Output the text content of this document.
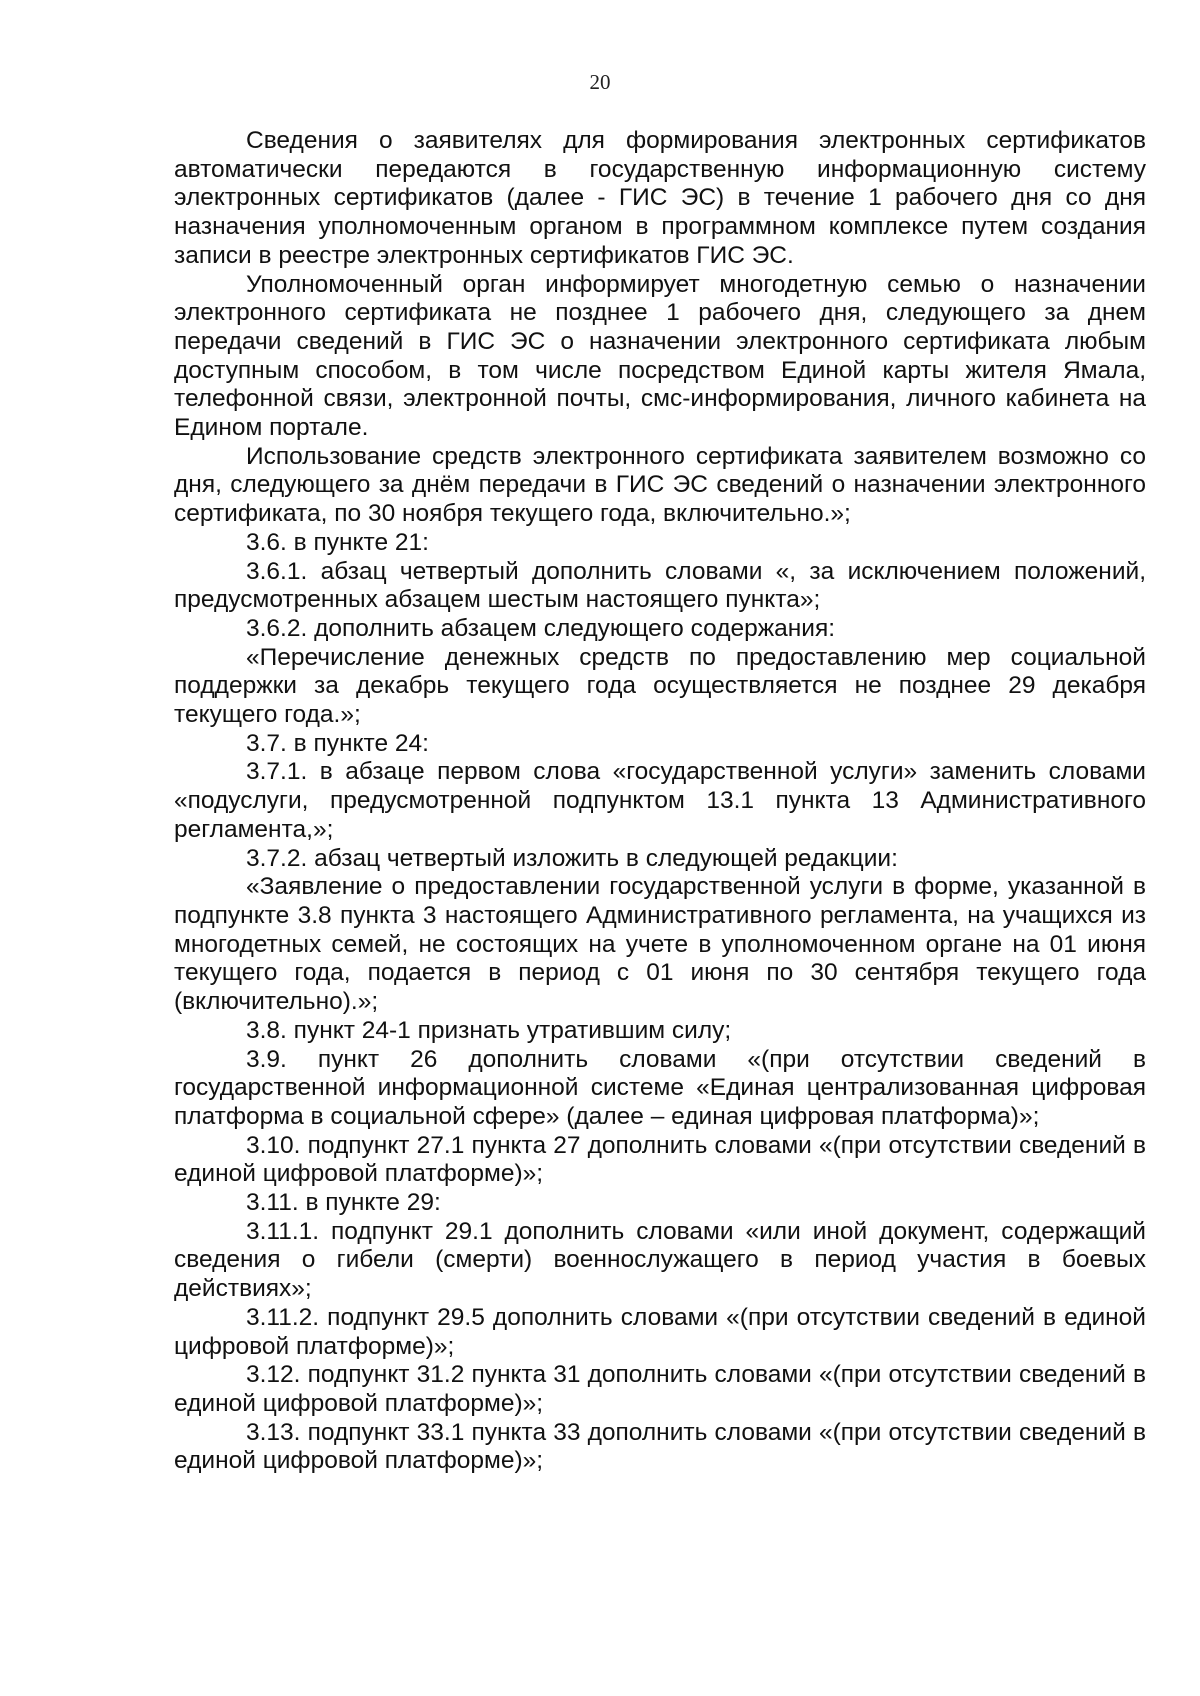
20

Сведения о заявителях для формирования электронных сертификатов автоматически передаются в государственную информационную систему электронных сертификатов (далее - ГИС ЭС) в течение 1 рабочего дня со дня назначения уполномоченным органом в программном комплексе путем создания записи в реестре электронных сертификатов ГИС ЭС.

Уполномоченный орган информирует многодетную семью о назначении электронного сертификата не позднее 1 рабочего дня, следующего за днем передачи сведений в ГИС ЭС о назначении электронного сертификата любым доступным способом, в том числе посредством Единой карты жителя Ямала, телефонной связи, электронной почты, смс-информирования, личного кабинета на Едином портале.

Использование средств электронного сертификата заявителем возможно со дня, следующего за днём передачи в ГИС ЭС сведений о назначении электронного сертификата, по 30 ноября текущего года, включительно.»;

3.6. в пункте 21:

3.6.1. абзац четвертый дополнить словами «, за исключением положений, предусмотренных абзацем шестым настоящего пункта»;

3.6.2. дополнить абзацем следующего содержания:

«Перечисление денежных средств по предоставлению мер социальной поддержки за декабрь текущего года осуществляется не позднее 29 декабря текущего года.»;

3.7. в пункте 24:

3.7.1. в абзаце первом слова «государственной услуги» заменить словами «подуслуги, предусмотренной подпунктом 13.1 пункта 13 Административного регламента,»;

3.7.2. абзац четвертый изложить в следующей редакции:

«Заявление о предоставлении государственной услуги в форме, указанной в подпункте 3.8 пункта 3 настоящего Административного регламента, на учащихся из многодетных семей, не состоящих на учете в уполномоченном органе на 01 июня текущего года, подается в период с 01 июня по 30 сентября текущего года (включительно).»;

3.8. пункт 24-1 признать утратившим силу;

3.9. пункт 26 дополнить словами «(при отсутствии сведений в государственной информационной системе «Единая централизованная цифровая платформа в социальной сфере» (далее – единая цифровая платформа)»;

3.10. подпункт 27.1 пункта 27 дополнить словами «(при отсутствии сведений в единой цифровой платформе)»;

3.11. в пункте 29:

3.11.1. подпункт 29.1 дополнить словами «или иной документ, содержащий сведения о гибели (смерти) военнослужащего в период участия в боевых действиях»;

3.11.2. подпункт 29.5 дополнить словами «(при отсутствии сведений в единой цифровой платформе)»;

3.12. подпункт 31.2 пункта 31 дополнить словами «(при отсутствии сведений в единой цифровой платформе)»;

3.13. подпункт 33.1 пункта 33 дополнить словами «(при отсутствии сведений в единой цифровой платформе)»;
